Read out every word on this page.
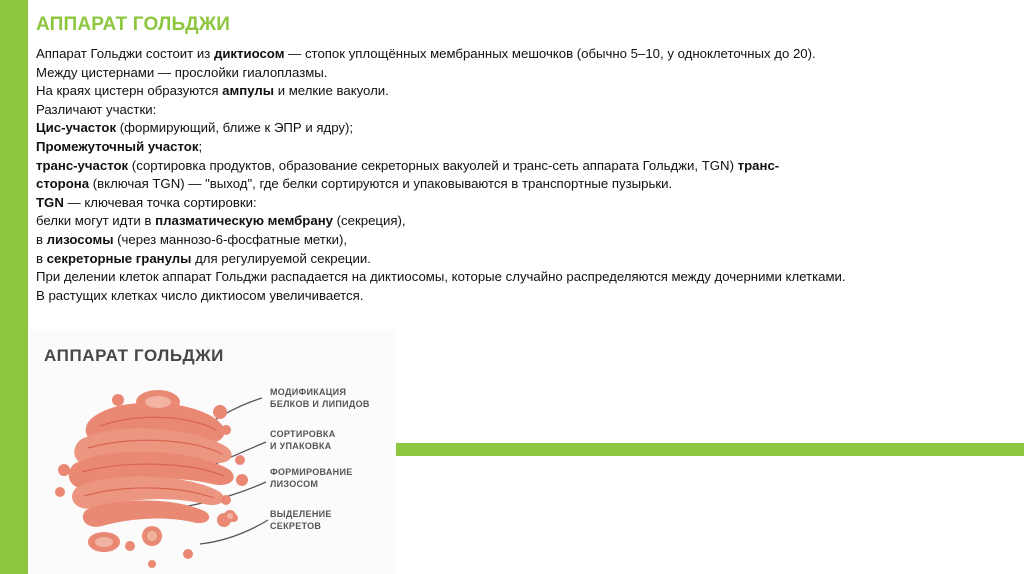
АППАРАТ ГОЛЬДЖИ
Аппарат Гольджи состоит из диктиосом — стопок уплощённых мембранных мешочков (обычно 5–10, у одноклеточных до 20).
Между цистернами — прослойки гиалоплазмы.
На краях цистерн образуются ампулы и мелкие вакуоли.
Различают участки:
Цис-участок (формирующий, ближе к ЭПР и ядру);
Промежуточный участок;
транс-участок (сортировка продуктов, образование секреторных вакуолей и транс-сеть аппарата Гольджи, TGN) транс-
сторона (включая TGN) — "выход", где белки сортируются и упаковываются в транспортные пузырьки.
TGN — ключевая точка сортировки:
белки могут идти в плазматическую мембрану (секреция),
в лизосомы (через маннозо-6-фосфатные метки),
в секреторные гранулы для регулируемой секреции.
При делении клеток аппарат Гольджи распадается на диктиосомы, которые случайно распределяются между дочерними клетками.
В растущих клетках число диктиосом увеличивается.
АППАРАТ ГОЛЬДЖИ
МОДИФИКАЦИЯ
БЕЛКОВ И ЛИПИДОВ
СОРТИРОВКА
И УПАКОВКА
ФОРМИРОВАНИЕ
ЛИЗОСОМ
ВЫДЕЛЕНИЕ
СЕКРЕТОВ
